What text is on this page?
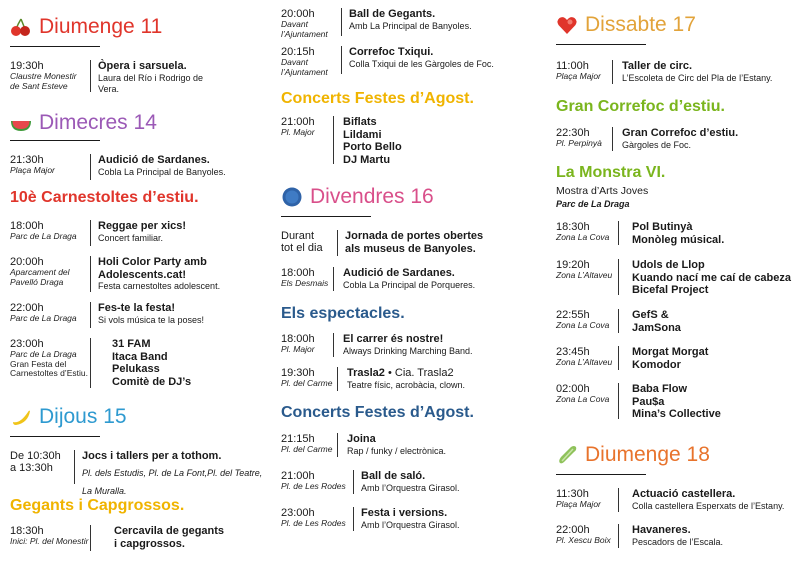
Diumenge 11
19:30h
Claustre Monestir de Sant Esteve
Òpera i sarsuela.
Laura del Río i Rodrigo de Vera.
Dimecres 14
21:30h
Plaça Major
Audició de Sardanes.
Cobla La Principal de Banyoles.
10è Carnestoltes d’estiu.
18:00h
Parc de La Draga
Reggae per xics!
Concert familiar.
20:00h
Aparcament del Pavelló Draga
Holi Color Party amb
Adolescents.cat!
Festa carnestoltes adolescent.
22:00h
Parc de La Draga
Fes-te la festa!
Si vols música te la poses!
23:00h
Parc de La Draga
Gran Festa del Carnestoltes d’Estiu.
31 FAM
Itaca Band
Pelukass
Comitè de DJ’s
Dijous 15
De 10:30h
a 13:30h
Jocs i tallers per a tothom.
Pl. dels Estudis, Pl. de La Font,Pl. del Teatre, La Muralla.
Gegants i Capgrossos.
18:30h
Inici: Pl. del Monestir
Cercavila de gegants
i capgrossos.
20:00h
Davant
l’Ajuntament
Ball de Gegants.
Amb La Principal de Banyoles.
20:15h
Davant
l’Ajuntament
Correfoc Txiqui.
Colla Txiqui de les Gàrgoles de Foc.
Concerts Festes d’Agost.
21:00h
Pl. Major
Biflats
Lildami
Porto Bello
DJ Martu
Divendres 16
Durant
tot el dia
Jornada de portes obertes
als museus de Banyoles.
18:00h
Els Desmais
Audició de Sardanes.
Cobla La Principal de Porqueres.
Els espectacles.
18:00h
Pl. Major
El carrer és nostre!
Always Drinking Marching Band.
19:30h
Pl. del Carme
Trasla2 • Cia. Trasla2
Teatre físic, acrobàcia, clown.
Concerts Festes d’Agost.
21:15h
Pl. del Carme
Joina
Rap / funky / electrònica.
21:00h
Pl. de Les Rodes
Ball de saló.
Amb l’Orquestra Girasol.
23:00h
Pl. de Les Rodes
Festa i versions.
Amb l’Orquestra Girasol.
Dissabte 17
11:00h
Plaça Major
Taller de circ.
L’Escoleta de Circ del Pla de l’Estany.
Gran Correfoc d’estiu.
22:30h
Pl. Perpinyà
Gran Correfoc d’estiu.
Gàrgoles de Foc.
La Monstra VI.
Mostra d’Arts Joves
Parc de La Draga
18:30h
Zona La Cova
Pol Butinyà
Monòleg músical.
19:20h
Zona L’Altaveu
Udols de Llop
Kuando nací me caí de cabeza
Bicefal Project
22:55h
Zona La Cova
GefS &
JamSona
23:45h
Zona L’Altaveu
Morgat Morgat
Komodor
02:00h
Zona La Cova
Baba Flow
Pau$a
Mina’s Collective
Diumenge 18
11:30h
Plaça Major
Actuació castellera.
Colla castellera Esperxats de l’Estany.
22:00h
Pl. Xescu Boix
Havaneres.
Pescadors de l’Escala.
